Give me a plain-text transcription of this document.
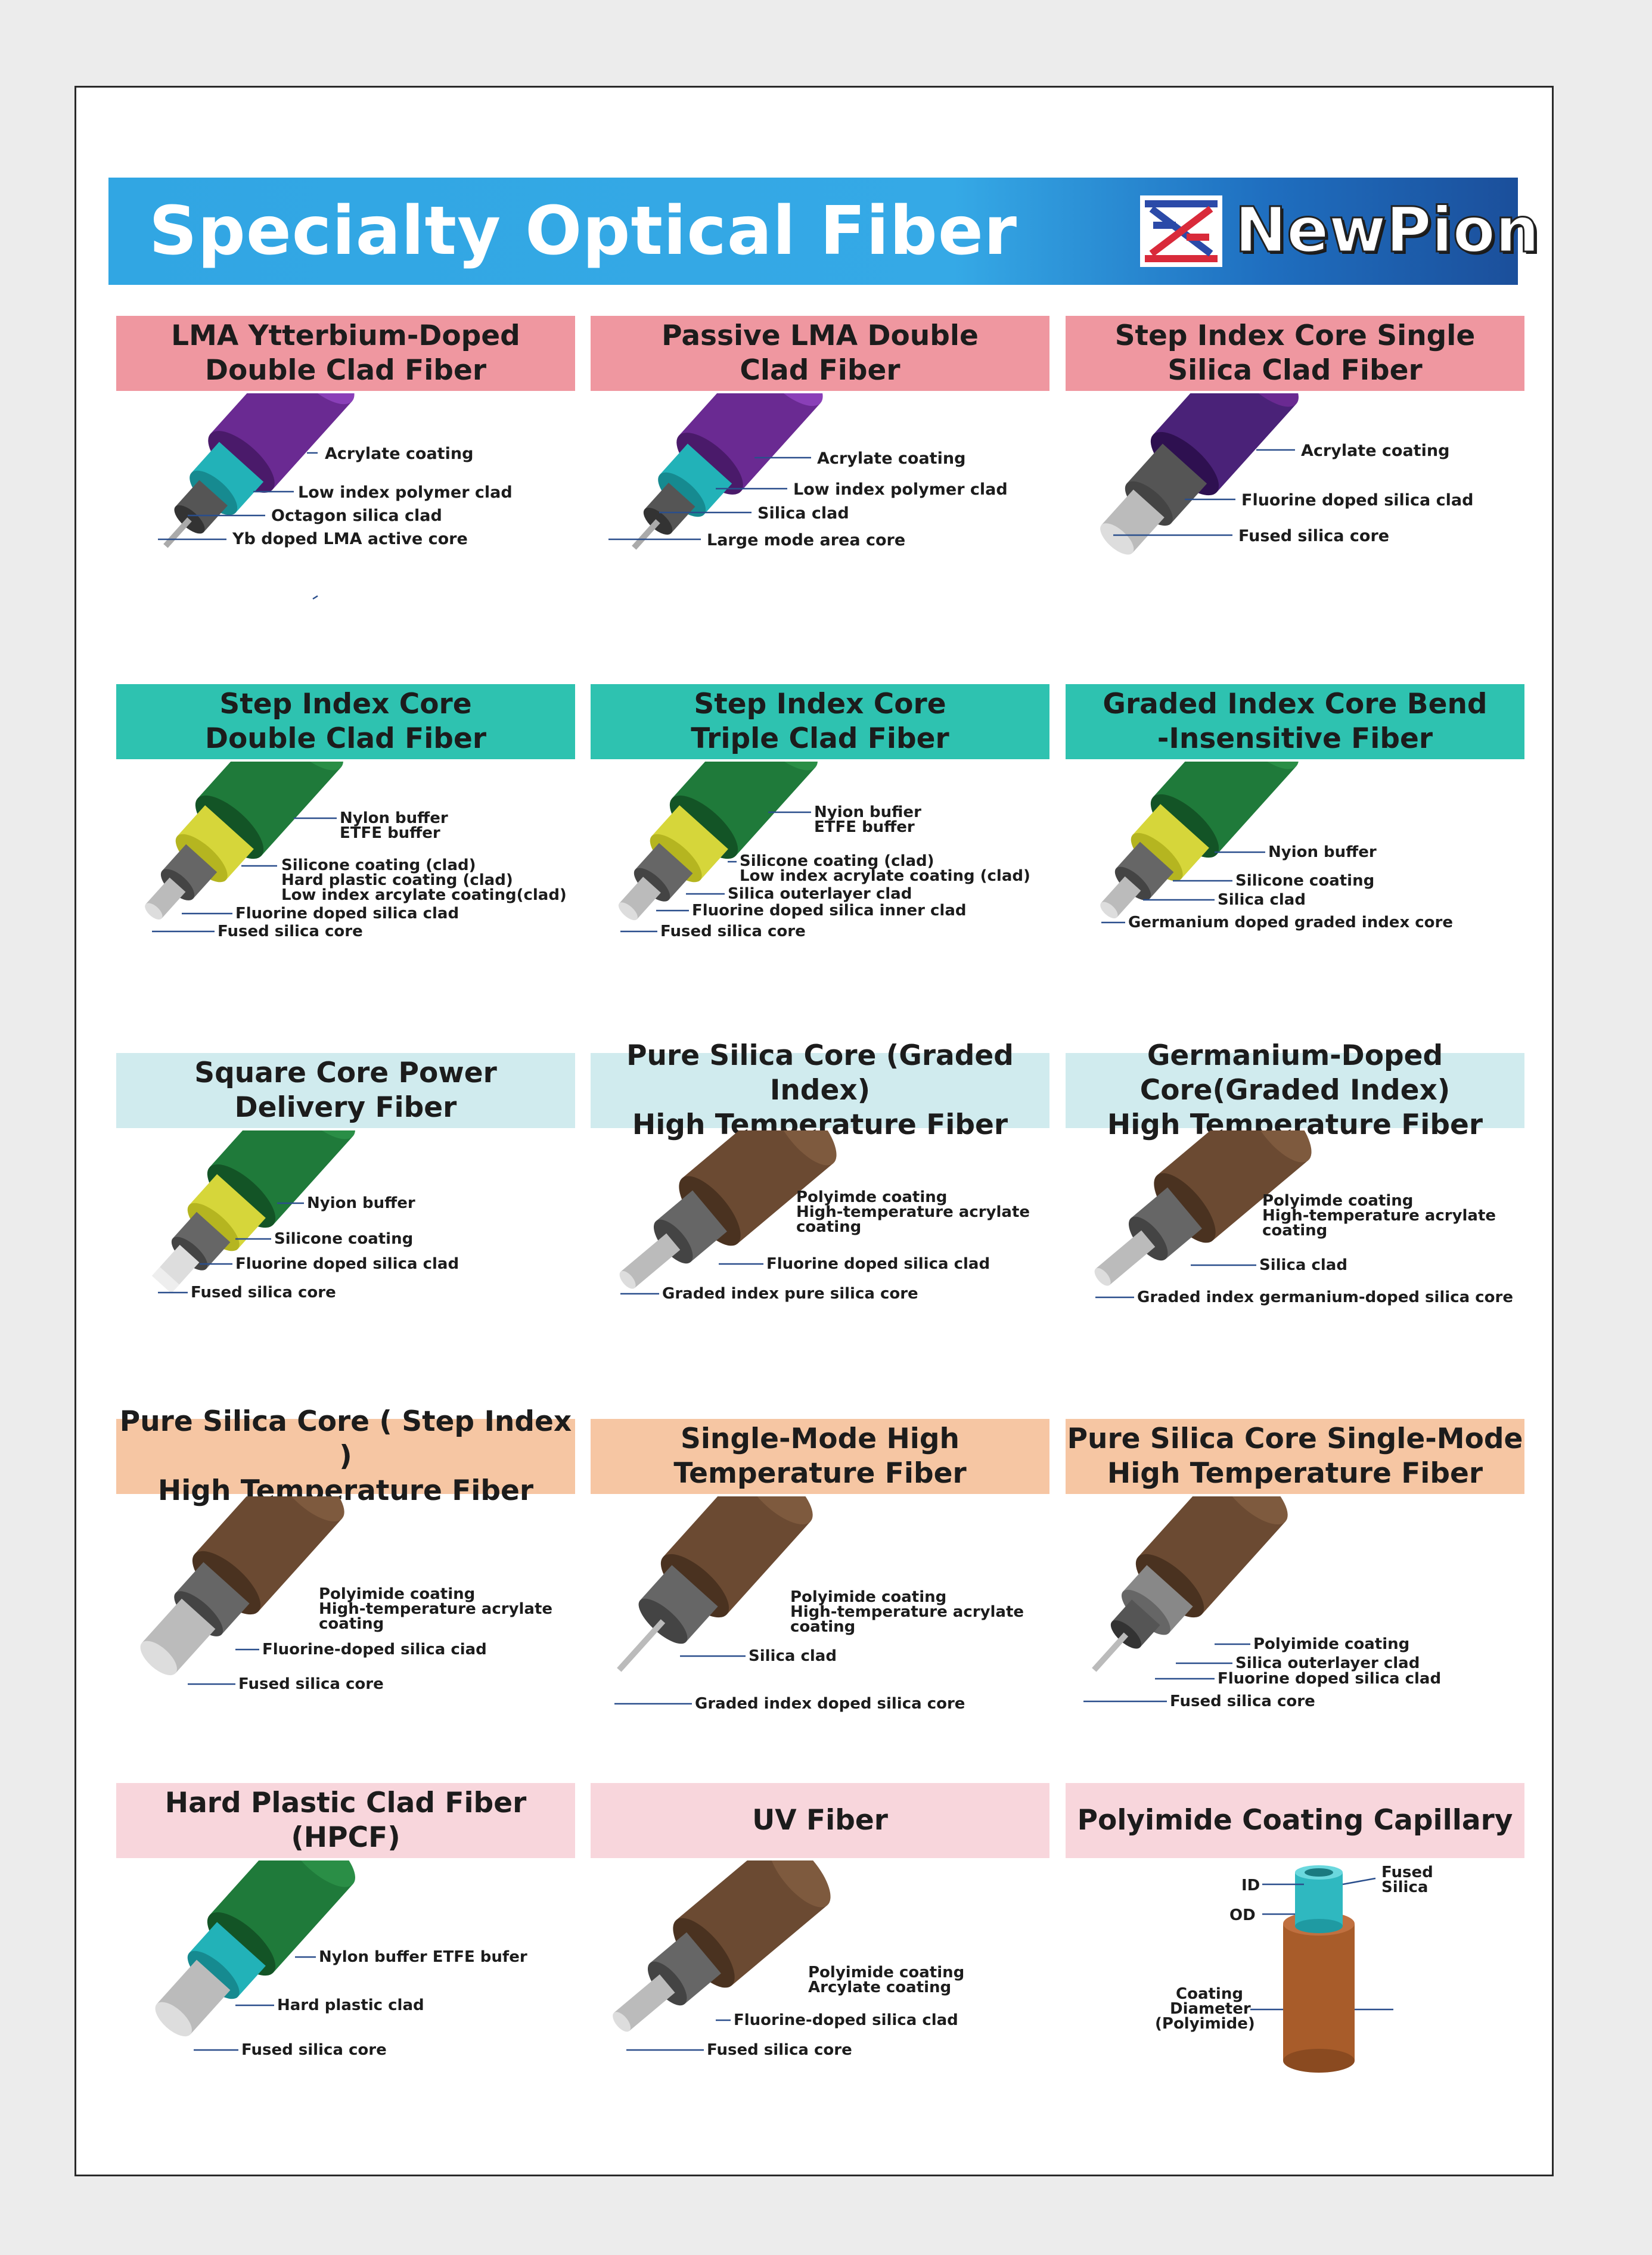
Specialty Optical Fiber	NewPion
LMA Ytterbium-Doped
Double Clad Fiber
Acrylate coating
Low index polymer clad
Octagon silica clad
Yb doped LMA active core
Passive LMA Double
Clad Fiber
Acrylate coating
Low index polymer clad
Silica clad
Large mode area core
Step Index Core Single
Silica Clad Fiber
Acrylate coating
Fluorine doped silica clad
Fused silica core
Step Index Core
Double Clad Fiber
Nylon buffer
ETFE buffer
Silicone coating (clad)
Hard plastic coating (clad)
Low index arcylate coating(clad)
Fluorine doped silica clad
Fused silica core
Step Index Core
Triple Clad Fiber
Nyion bufier
ETFE buffer
Silicone coating (clad)
Low index acrylate coating (clad)
Silica outerlayer clad
Fluorine doped silica inner clad
Fused silica core
Graded Index Core Bend
-Insensitive Fiber
Nyion buffer
Silicone coating
Silica clad
Germanium doped graded index core
Square Core Power
Delivery Fiber
Nyion buffer
Silicone coating
Fluorine doped silica clad
Fused silica core
Pure Silica Core (Graded Index)
High Temperature Fiber
Polyimde coating
High-temperature acrylate
coating
Fluorine doped silica clad
Graded index pure silica core
Germanium-Doped Core(Graded Index)
High Temperature Fiber
Polyimde coating
High-temperature acrylate
coating
Silica clad
Graded index germanium-doped silica core
Pure Silica Core ( Step Index )
High Temperature Fiber
Polyimide coating
High-temperature acrylate
coating
Fluorine-doped silica ciad
Fused silica core
Single-Mode High
Temperature Fiber
Polyimide coating
High-temperature acrylate
coating
Silica clad
Graded index doped silica core
Pure Silica Core Single-Mode
High Temperature Fiber
Polyimide coating
Silica outerlayer clad
Fluorine doped silica clad
Fused silica core
Hard Plastic Clad Fiber (HPCF)
Nylon buffer ETFE bufer
Hard plastic clad
Fused silica core
UV Fiber
Polyimide coating
Arcylate coating
Fluorine-doped silica clad
Fused silica core
Polyimide Coating Capillary
ID
OD
Fused
Silica
Coating
Diameter
(Polyimide)
